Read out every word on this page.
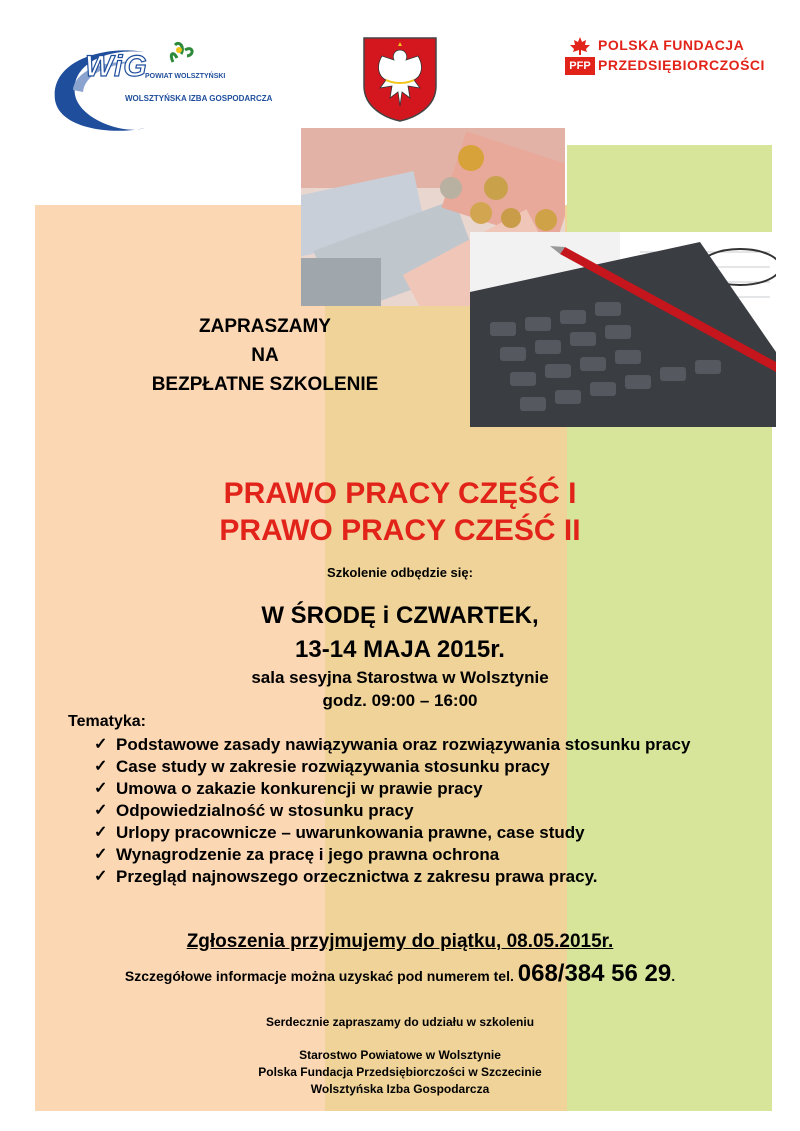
WiG
POWIAT WOLSZTYŃSKI
WOLSZTYŃSKA IZBA GOSPODARCZA
POLSKA FUNDACJA
PFP PRZEDSIĘBIORCZOŚCI
ZAPRASZAMY
NA
BEZPŁATNE SZKOLENIE
PRAWO PRACY CZĘŚĆ I
PRAWO PRACY CZEŚĆ II
Szkolenie odbędzie się:
W ŚRODĘ i CZWARTEK,
13-14 MAJA 2015r.
sala sesyjna Starostwa w Wolsztynie
godz. 09:00 – 16:00
Tematyka:
✓ Podstawowe zasady nawiązywania oraz rozwiązywania stosunku pracy
✓ Case study w zakresie rozwiązywania stosunku pracy
✓ Umowa o zakazie konkurencji w prawie pracy
✓ Odpowiedzialność w stosunku pracy
✓ Urlopy pracownicze – uwarunkowania prawne, case study
✓ Wynagrodzenie za pracę i jego prawna ochrona
✓ Przegląd najnowszego orzecznictwa z zakresu prawa pracy.
Zgłoszenia przyjmujemy do piątku, 08.05.2015r.
Szczegółowe informacje można uzyskać pod numerem tel. 068/384 56 29.
Serdecznie zapraszamy do udziału w szkoleniu
Starostwo Powiatowe w Wolsztynie
Polska Fundacja Przedsiębiorczości w Szczecinie
Wolsztyńska Izba Gospodarcza
